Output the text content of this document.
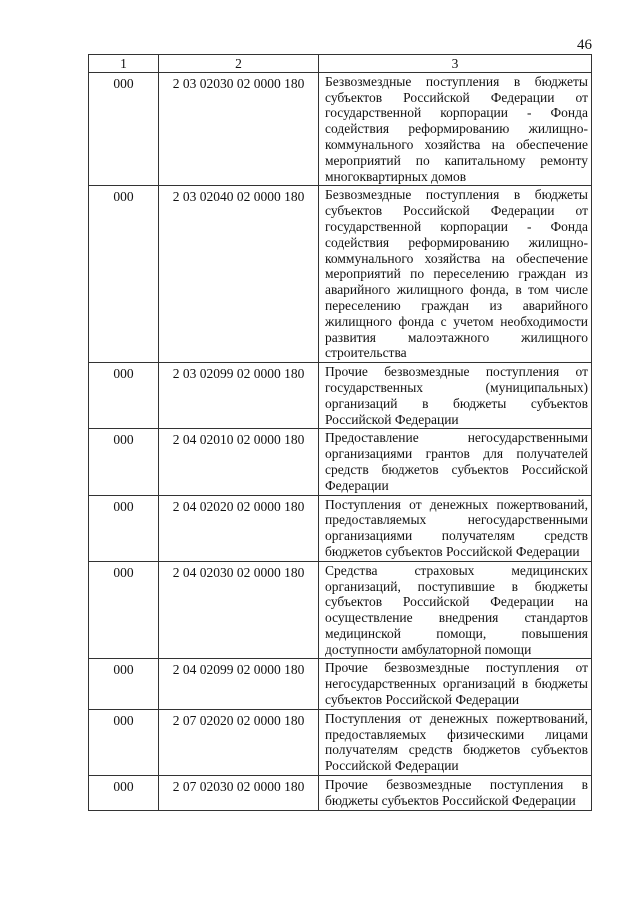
46
1	2	3
000	2 03 02030 02 0000 180	Безвозмездные поступления в бюджеты субъектов Российской Федерации от государственной корпорации - Фонда содействия реформированию жилищно-коммунального хозяйства на обеспечение мероприятий по капитальному ремонту многоквартирных домов
000	2 03 02040 02 0000 180	Безвозмездные поступления в бюджеты субъектов Российской Федерации от государственной корпорации - Фонда содействия реформированию жилищно-коммунального хозяйства на обеспечение мероприятий по переселению граждан из аварийного жилищного фонда, в том числе переселению граждан из аварийного жилищного фонда с учетом необходимости развития малоэтажного жилищного строительства
000	2 03 02099 02 0000 180	Прочие безвозмездные поступления от государственных (муниципальных) организаций в бюджеты субъектов Российской Федерации
000	2 04 02010 02 0000 180	Предоставление негосударственными организациями грантов для получателей средств бюджетов субъектов Российской Федерации
000	2 04 02020 02 0000 180	Поступления от денежных пожертвований, предоставляемых негосударственными организациями получателям средств бюджетов субъектов Российской Федерации
000	2 04 02030 02 0000 180	Средства страховых медицинских организаций, поступившие в бюджеты субъектов Российской Федерации на осуществление внедрения стандартов медицинской помощи, повышения доступности амбулаторной помощи
000	2 04 02099 02 0000 180	Прочие безвозмездные поступления от негосударственных организаций в бюджеты субъектов Российской Федерации
000	2 07 02020 02 0000 180	Поступления от денежных пожертвований, предоставляемых физическими лицами получателям средств бюджетов субъектов Российской Федерации
000	2 07 02030 02 0000 180	Прочие безвозмездные поступления в бюджеты субъектов Российской Федерации
